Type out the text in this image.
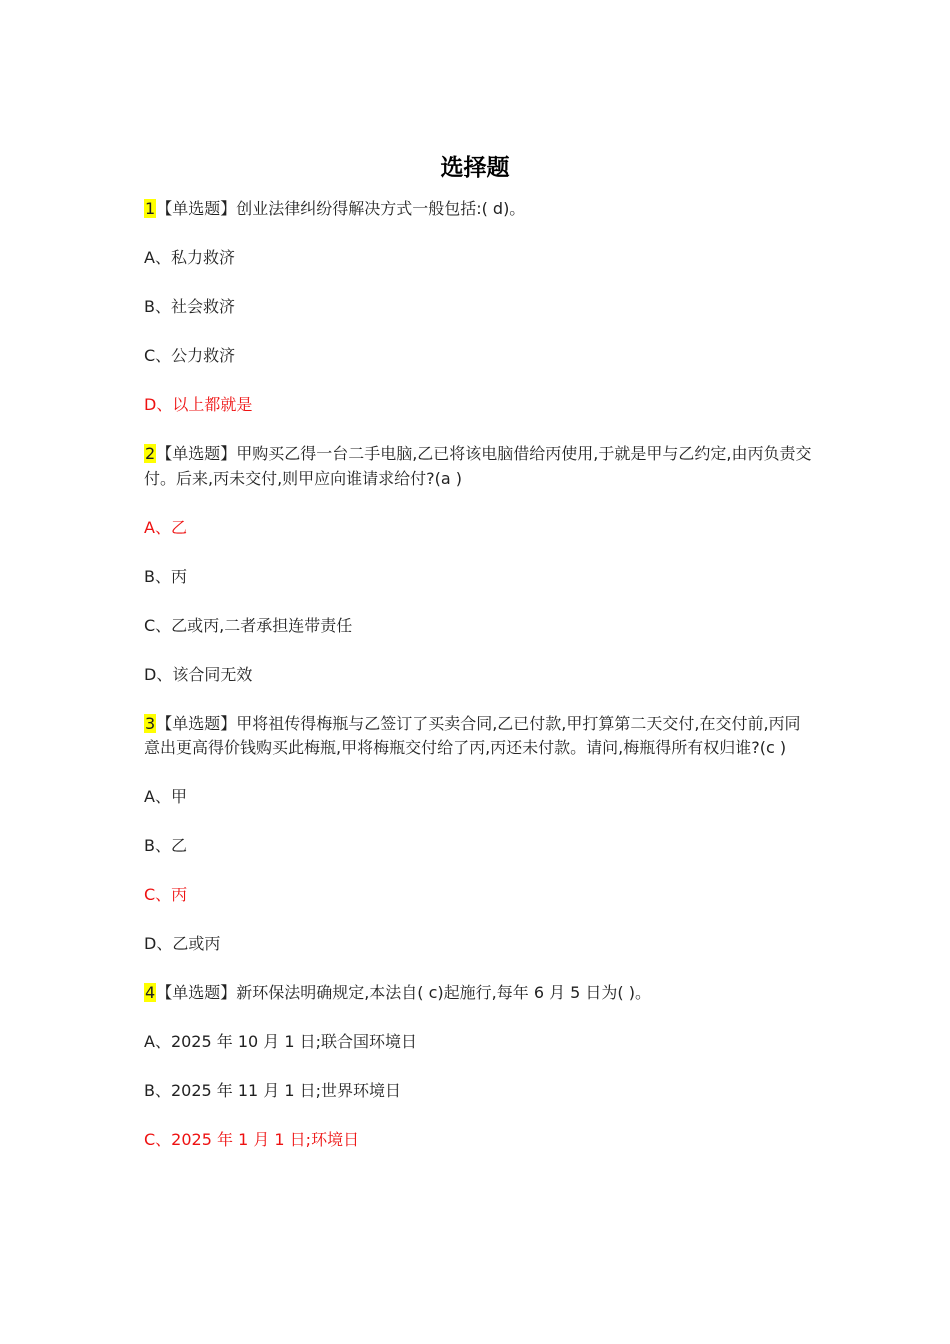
选择题

1【单选题】创业法律纠纷得解决方式一般包括:( d)。

A、私力救济

B、社会救济

C、公力救济

D、以上都就是

2【单选题】甲购买乙得一台二手电脑,乙已将该电脑借给丙使用,于就是甲与乙约定,由丙负责交付。后来,丙未交付,则甲应向谁请求给付?(a )

A、乙

B、丙

C、乙或丙,二者承担连带责任

D、该合同无效

3【单选题】甲将祖传得梅瓶与乙签订了买卖合同,乙已付款,甲打算第二天交付,在交付前,丙同意出更高得价钱购买此梅瓶,甲将梅瓶交付给了丙,丙还未付款。请问,梅瓶得所有权归谁?(c )

A、甲

B、乙

C、丙

D、乙或丙

4【单选题】新环保法明确规定,本法自( c)起施行,每年 6 月 5 日为( )。

A、2025 年 10 月 1 日;联合国环境日

B、2025 年 11 月 1 日;世界环境日

C、2025 年 1 月 1 日;环境日
